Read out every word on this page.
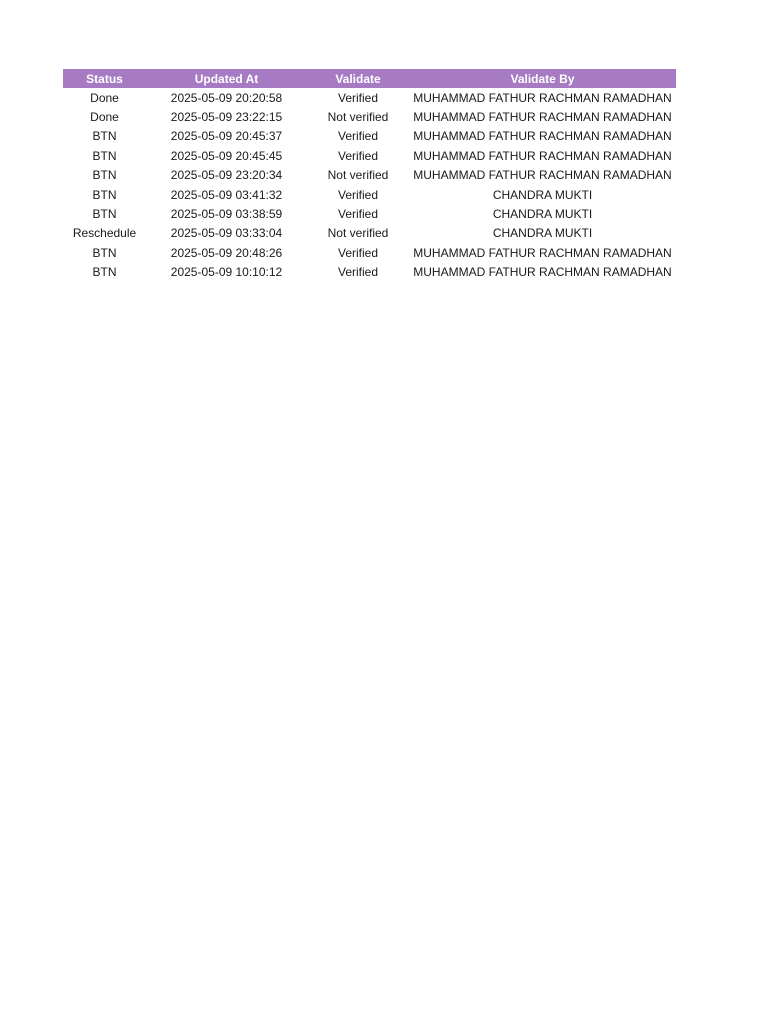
Status	Updated At	Validate	Validate By
Done	2025-05-09 20:20:58	Verified	MUHAMMAD FATHUR RACHMAN RAMADHAN
Done	2025-05-09 23:22:15	Not verified	MUHAMMAD FATHUR RACHMAN RAMADHAN
BTN	2025-05-09 20:45:37	Verified	MUHAMMAD FATHUR RACHMAN RAMADHAN
BTN	2025-05-09 20:45:45	Verified	MUHAMMAD FATHUR RACHMAN RAMADHAN
BTN	2025-05-09 23:20:34	Not verified	MUHAMMAD FATHUR RACHMAN RAMADHAN
BTN	2025-05-09 03:41:32	Verified	CHANDRA MUKTI
BTN	2025-05-09 03:38:59	Verified	CHANDRA MUKTI
Reschedule	2025-05-09 03:33:04	Not verified	CHANDRA MUKTI
BTN	2025-05-09 20:48:26	Verified	MUHAMMAD FATHUR RACHMAN RAMADHAN
BTN	2025-05-09 10:10:12	Verified	MUHAMMAD FATHUR RACHMAN RAMADHAN
